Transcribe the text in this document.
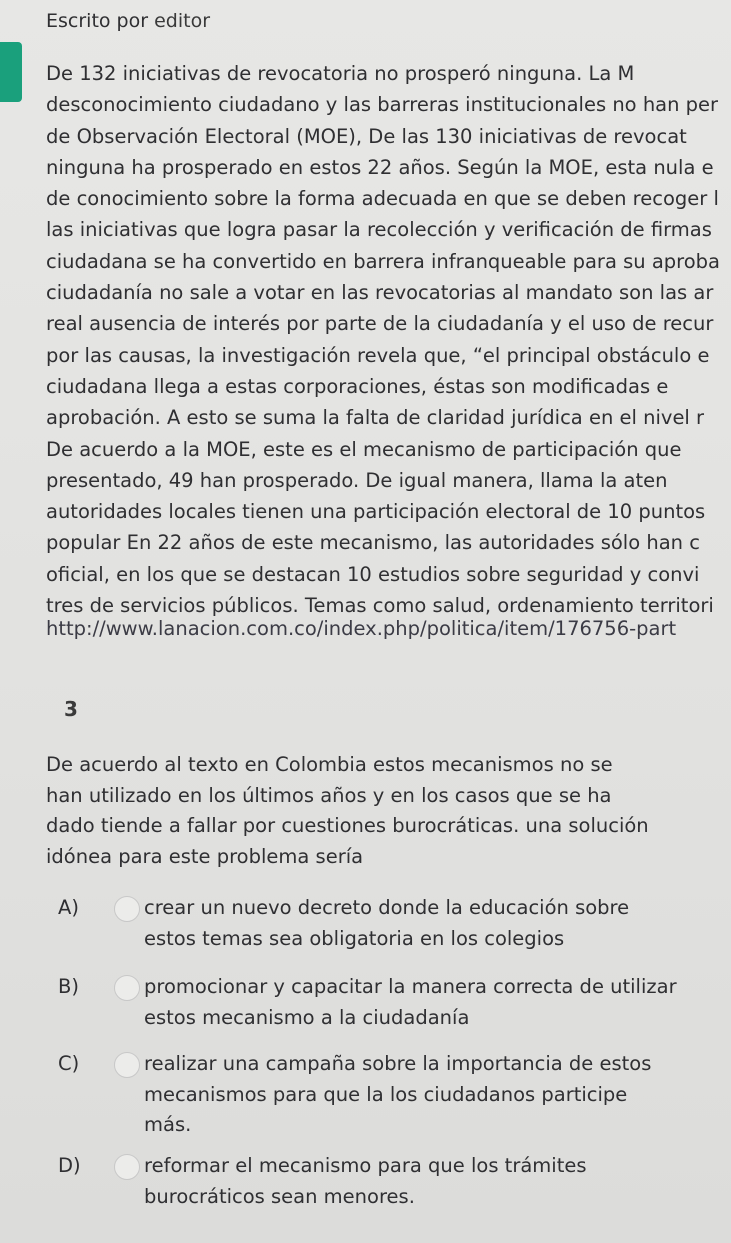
Escrito por editor
De 132 iniciativas de revocatoria no prosperó ninguna. La M
desconocimiento ciudadano y las barreras institucionales no han per
de Observación Electoral (MOE), De las 130 iniciativas de revocat
ninguna ha prosperado en estos 22 años. Según la MOE, esta nula e
de conocimiento sobre la forma adecuada en que se deben recoger l
las iniciativas que logra pasar la recolección y verificación de firmas
ciudadana se ha convertido en barrera infranqueable para su aproba
ciudadanía no sale a votar en las revocatorias al mandato son las ar
real ausencia de interés por parte de la ciudadanía y el uso de recur
por las causas, la investigación revela que, “el principal obstáculo e
ciudadana llega a estas corporaciones, éstas son modificadas e
aprobación. A esto se suma la falta de claridad jurídica en el nivel r
De acuerdo a la MOE, este es el mecanismo de participación que
presentado, 49 han prosperado. De igual manera, llama la aten
autoridades locales tienen una participación electoral de 10 puntos
popular En 22 años de este mecanismo, las autoridades sólo han c
oficial, en los que se destacan 10 estudios sobre seguridad y convi
tres de servicios públicos. Temas como salud, ordenamiento territori
http://www.lanacion.com.co/index.php/politica/item/176756-part
3
De acuerdo al texto en Colombia estos mecanismos no se
han utilizado en los últimos años y en los casos que se ha
dado tiende a fallar por cuestiones burocráticas. una solución
idónea para este problema sería
A)	crear un nuevo decreto donde la educación sobre
estos temas sea obligatoria en los colegios
B)	promocionar y capacitar la manera correcta de utilizar
estos mecanismo a la ciudadanía
C)	realizar una campaña sobre la importancia de estos
mecanismos para que la los ciudadanos participe
más.
D)	reformar el mecanismo para que los trámites
burocráticos sean menores.
